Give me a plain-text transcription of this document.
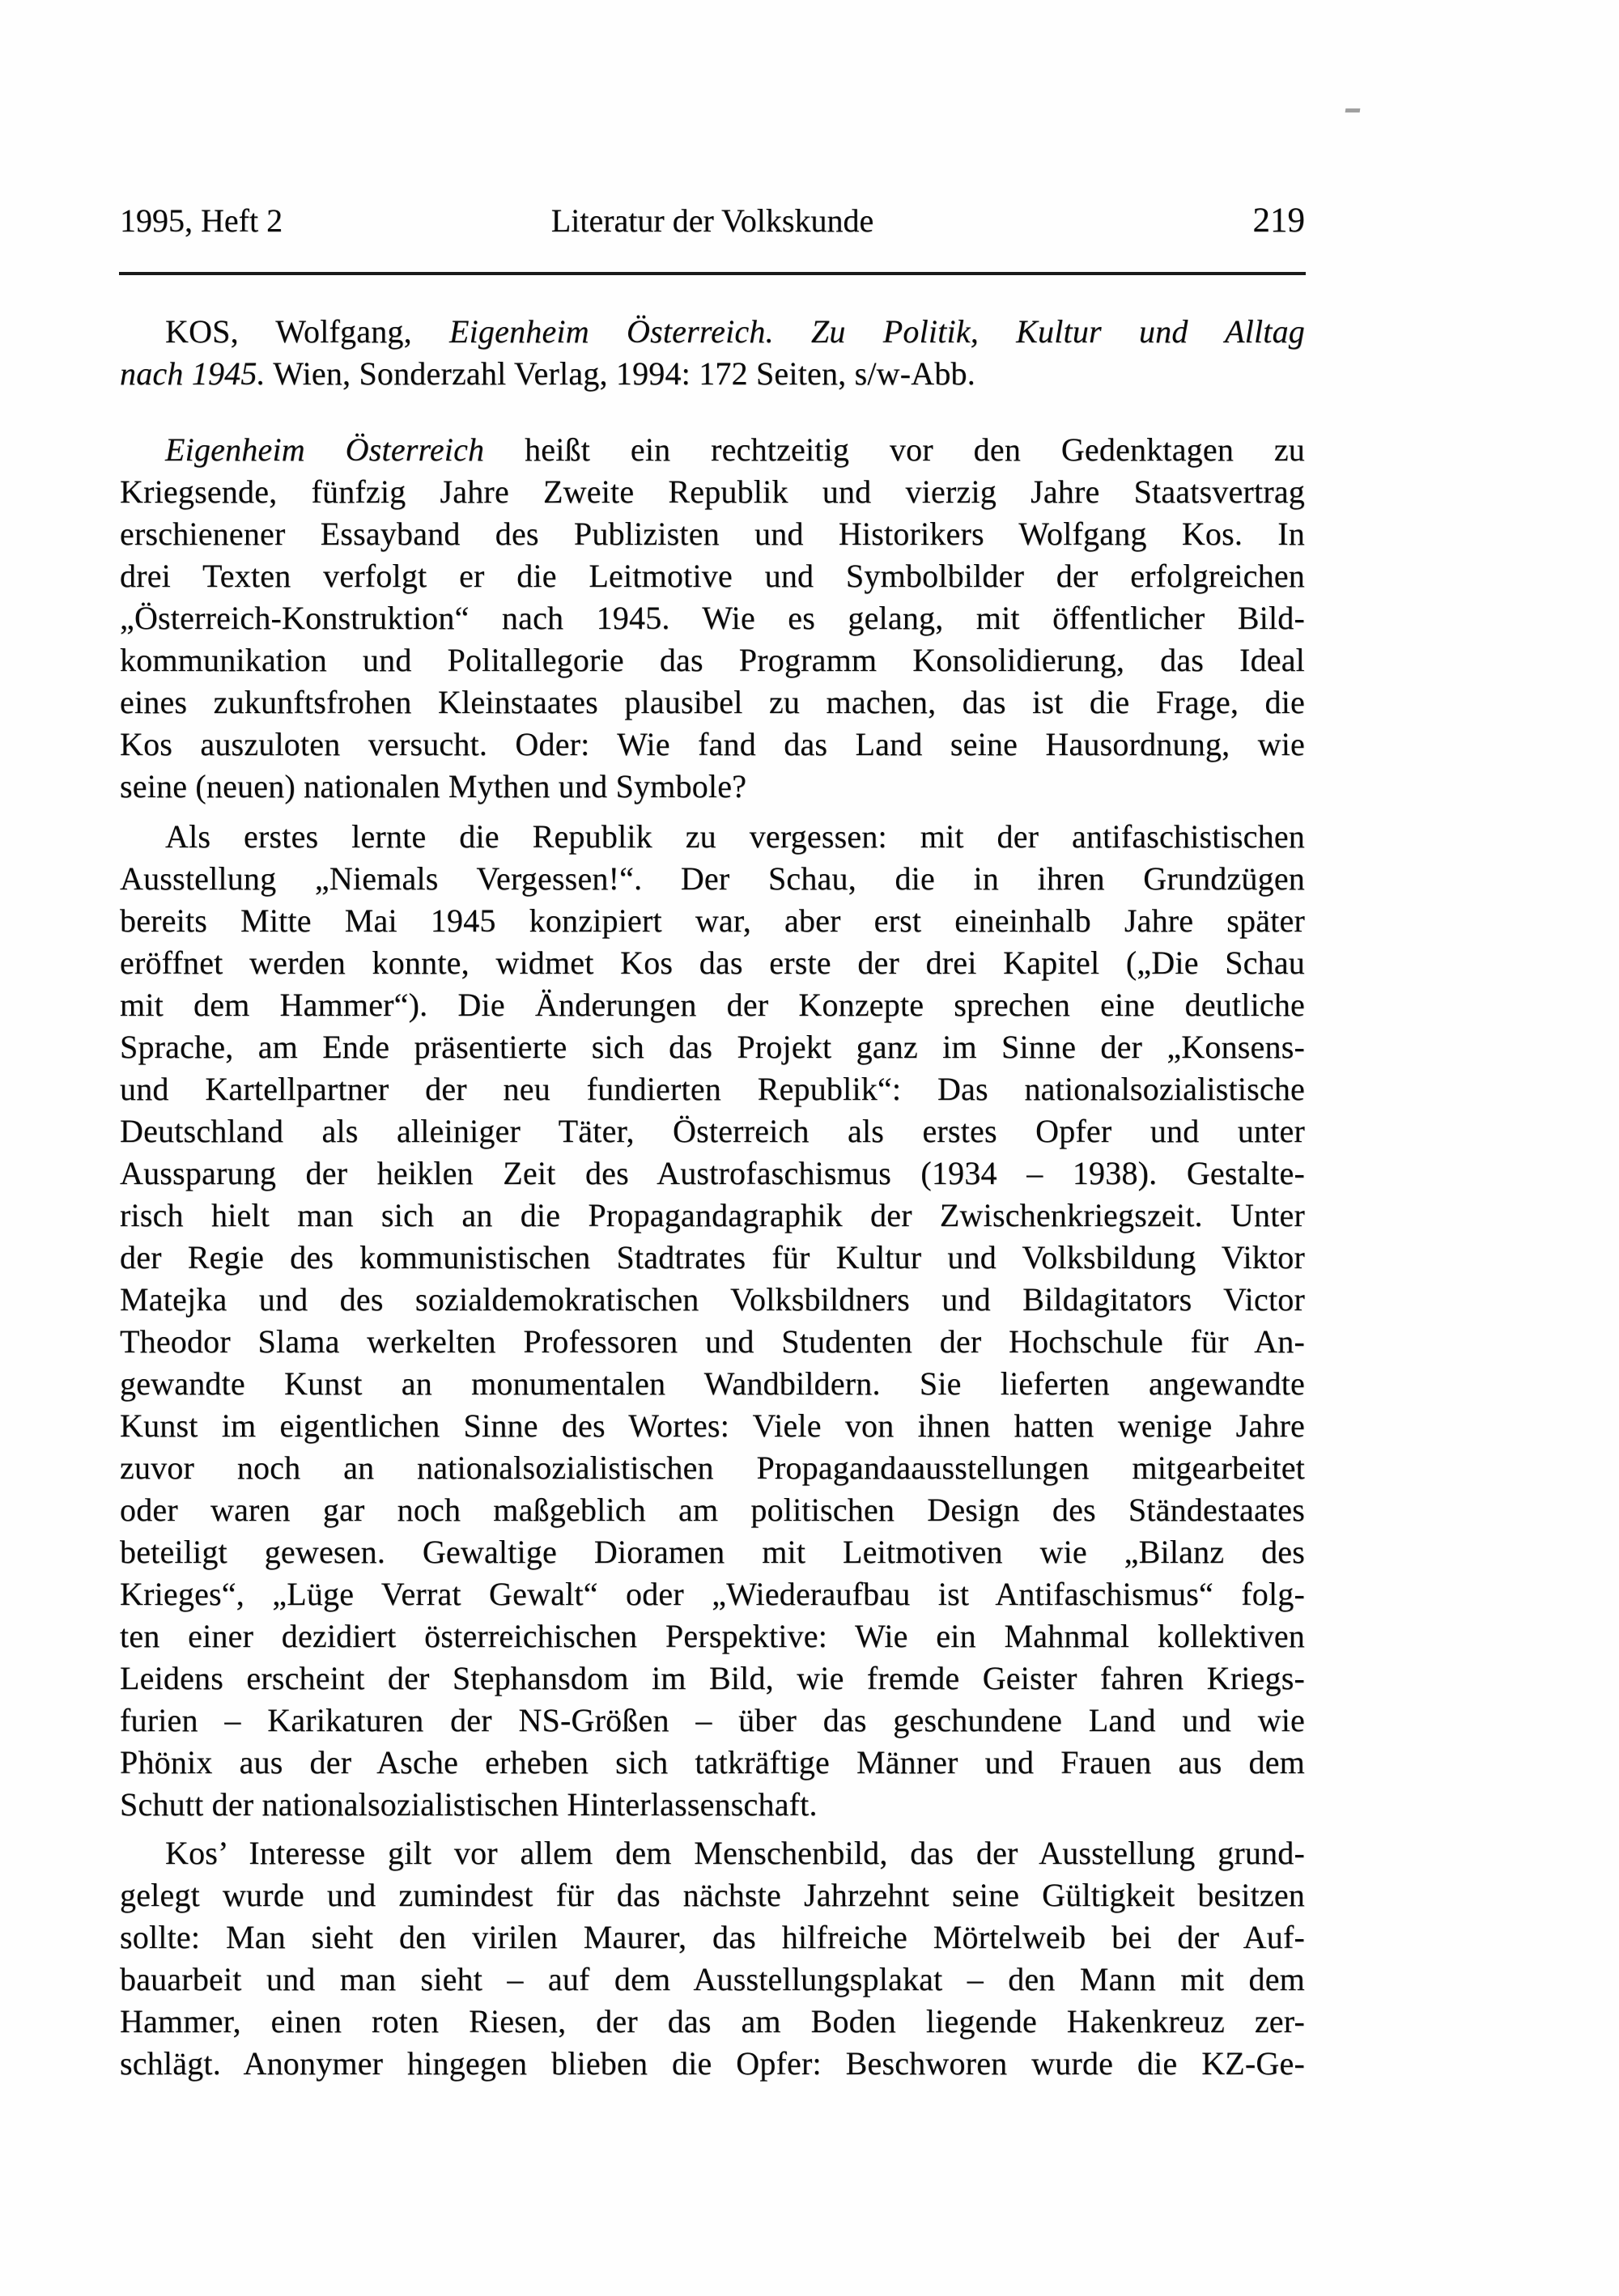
1995, Heft 2	Literatur der Volkskunde	219
KOS, Wolfgang, Eigenheim Österreich. Zu Politik, Kultur und Alltag
nach 1945. Wien, Sonderzahl Verlag, 1994: 172 Seiten, s/w-Abb.
Eigenheim Österreich heißt ein rechtzeitig vor den Gedenktagen zu
Kriegsende, fünfzig Jahre Zweite Republik und vierzig Jahre Staatsvertrag
erschienener Essayband des Publizisten und Historikers Wolfgang Kos. In
drei Texten verfolgt er die Leitmotive und Symbolbilder der erfolgreichen
„Österreich-Konstruktion“ nach 1945. Wie es gelang, mit öffentlicher Bild-
kommunikation und Politallegorie das Programm Konsolidierung, das Ideal
eines zukunftsfrohen Kleinstaates plausibel zu machen, das ist die Frage, die
Kos auszuloten versucht. Oder: Wie fand das Land seine Hausordnung, wie
seine (neuen) nationalen Mythen und Symbole?
Als erstes lernte die Republik zu vergessen: mit der antifaschistischen
Ausstellung „Niemals Vergessen!“. Der Schau, die in ihren Grundzügen
bereits Mitte Mai 1945 konzipiert war, aber erst eineinhalb Jahre später
eröffnet werden konnte, widmet Kos das erste der drei Kapitel („Die Schau
mit dem Hammer“). Die Änderungen der Konzepte sprechen eine deutliche
Sprache, am Ende präsentierte sich das Projekt ganz im Sinne der „Konsens-
und Kartellpartner der neu fundierten Republik“: Das nationalsozialistische
Deutschland als alleiniger Täter, Österreich als erstes Opfer und unter
Aussparung der heiklen Zeit des Austrofaschismus (1934 – 1938). Gestalte-
risch hielt man sich an die Propagandagraphik der Zwischenkriegszeit. Unter
der Regie des kommunistischen Stadtrates für Kultur und Volksbildung Viktor
Matejka und des sozialdemokratischen Volksbildners und Bildagitators Victor
Theodor Slama werkelten Professoren und Studenten der Hochschule für An-
gewandte Kunst an monumentalen Wandbildern. Sie lieferten angewandte
Kunst im eigentlichen Sinne des Wortes: Viele von ihnen hatten wenige Jahre
zuvor noch an nationalsozialistischen Propagandaausstellungen mitgearbeitet
oder waren gar noch maßgeblich am politischen Design des Ständestaates
beteiligt gewesen. Gewaltige Dioramen mit Leitmotiven wie „Bilanz des
Krieges“, „Lüge Verrat Gewalt“ oder „Wiederaufbau ist Antifaschismus“ folg-
ten einer dezidiert österreichischen Perspektive: Wie ein Mahnmal kollektiven
Leidens erscheint der Stephansdom im Bild, wie fremde Geister fahren Kriegs-
furien – Karikaturen der NS-Größen – über das geschundene Land und wie
Phönix aus der Asche erheben sich tatkräftige Männer und Frauen aus dem
Schutt der nationalsozialistischen Hinterlassenschaft.
Kos’ Interesse gilt vor allem dem Menschenbild, das der Ausstellung grund-
gelegt wurde und zumindest für das nächste Jahrzehnt seine Gültigkeit besitzen
sollte: Man sieht den virilen Maurer, das hilfreiche Mörtelweib bei der Auf-
bauarbeit und man sieht – auf dem Ausstellungsplakat – den Mann mit dem
Hammer, einen roten Riesen, der das am Boden liegende Hakenkreuz zer-
schlägt. Anonymer hingegen blieben die Opfer: Beschworen wurde die KZ-Ge-
